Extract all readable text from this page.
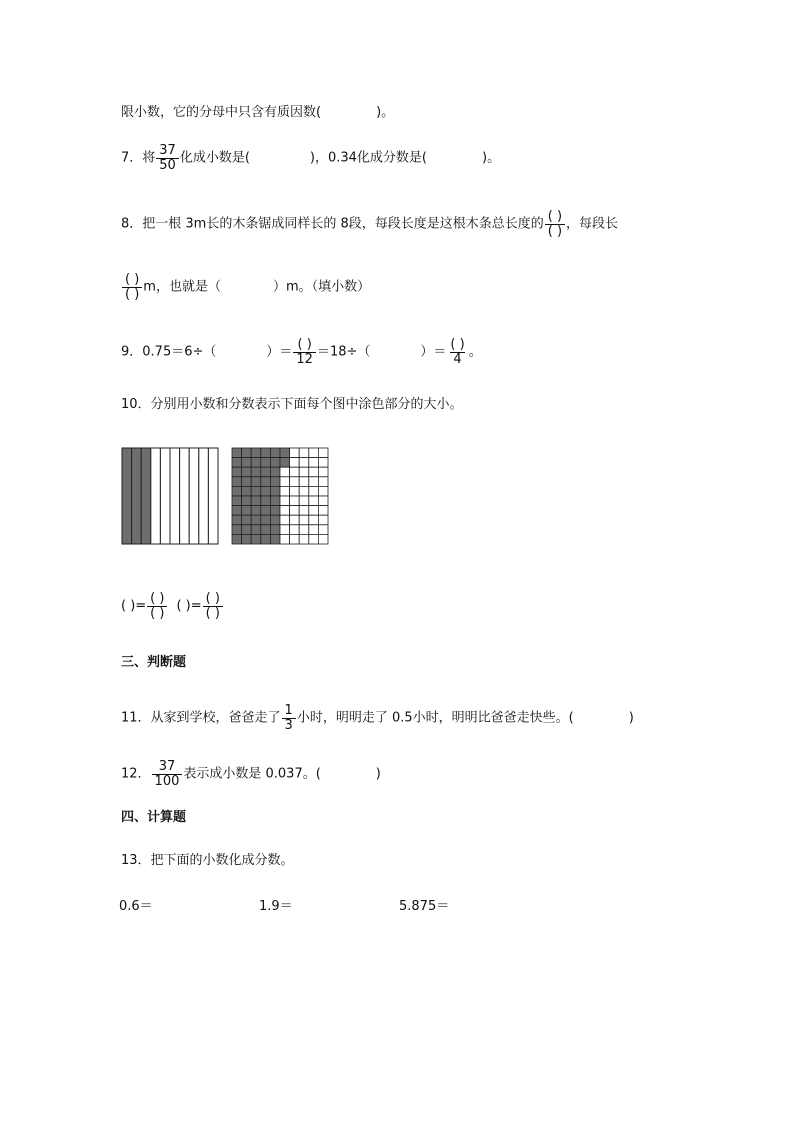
限小数，它的分母中只含有质因数(	)。
7．将 $\frac{37}{50}$ 化成小数是(	)，0.34化成分数是(	)。
8．把一根 3m长的木条锯成同样长的 8段，每段长度是这根木条总长度的 $\frac{( )}{( )}$ ，每段长
$\frac{( )}{( )}$ m，也就是（	）m。（填小数）
9．0.75＝6÷（	）＝ $\frac{( )}{12} =18\div$（	）＝ $\frac{( )}{4}$ 。
10．分别用小数和分数表示下面每个图中涂色部分的大小。
( )= $\frac{( )}{( )}$ ( )= $\frac{( )}{( )}$
三、判断题
11．从家到学校，爸爸走了 $\frac{1}{3}$ 小时，明明走了 0.5小时，明明比爸爸走快些。(	)
12． $\frac{37}{100}$ 表示成小数是 0.037。(	)
四、计算题
13．把下面的小数化成分数。
0.6＝	1.9＝	5.875＝
